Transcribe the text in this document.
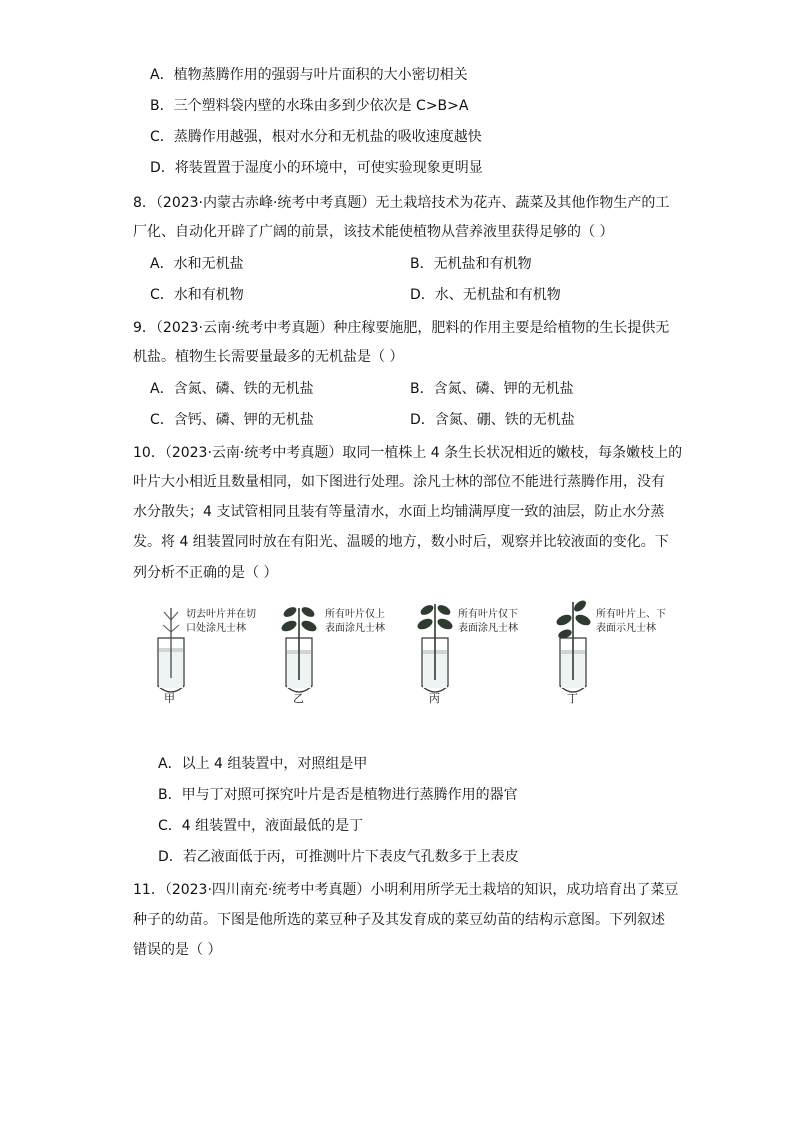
A．植物蒸腾作用的强弱与叶片面积的大小密切相关
B．三个塑料袋内壁的水珠由多到少依次是 C>B>A
C．蒸腾作用越强，根对水分和无机盐的吸收速度越快
D．将装置置于湿度小的环境中，可使实验现象更明显
8．（2023·内蒙古赤峰·统考中考真题）无土栽培技术为花卉、蔬菜及其他作物生产的工
厂化、自动化开辟了广阔的前景，该技术能使植物从营养液里获得足够的（ ）
A．水和无机盐	B．无机盐和有机物
C．水和有机物	D．水、无机盐和有机物
9．（2023·云南·统考中考真题）种庄稼要施肥，肥料的作用主要是给植物的生长提供无
机盐。植物生长需要量最多的无机盐是（ ）
A．含氮、磷、铁的无机盐	B．含氮、磷、钾的无机盐
C．含钙、磷、钾的无机盐	D．含氮、硼、铁的无机盐
10．（2023·云南·统考中考真题）取同一植株上 4 条生长状况相近的嫩枝，每条嫩枝上的
叶片大小相近且数量相同，如下图进行处理。涂凡士林的部位不能进行蒸腾作用，没有
水分散失；4 支试管相同且装有等量清水，水面上均铺满厚度一致的油层，防止水分蒸
发。将 4 组装置同时放在有阳光、温暖的地方，数小时后，观察并比较液面的变化。下
列分析不正确的是（ ）
切去叶片并在切
口处涂凡士林
甲
所有叶片仅上
表面涂凡士林
乙
所有叶片仅下
表面涂凡士林
丙
所有叶片上、下
表面示凡士林
丁
A．以上 4 组装置中，对照组是甲
B．甲与丁对照可探究叶片是否是植物进行蒸腾作用的器官
C．4 组装置中，液面最低的是丁
D．若乙液面低于丙，可推测叶片下表皮气孔数多于上表皮
11．（2023·四川南充·统考中考真题）小明利用所学无土栽培的知识，成功培育出了菜豆
种子的幼苗。下图是他所选的菜豆种子及其发育成的菜豆幼苗的结构示意图。下列叙述
错误的是（ ）
